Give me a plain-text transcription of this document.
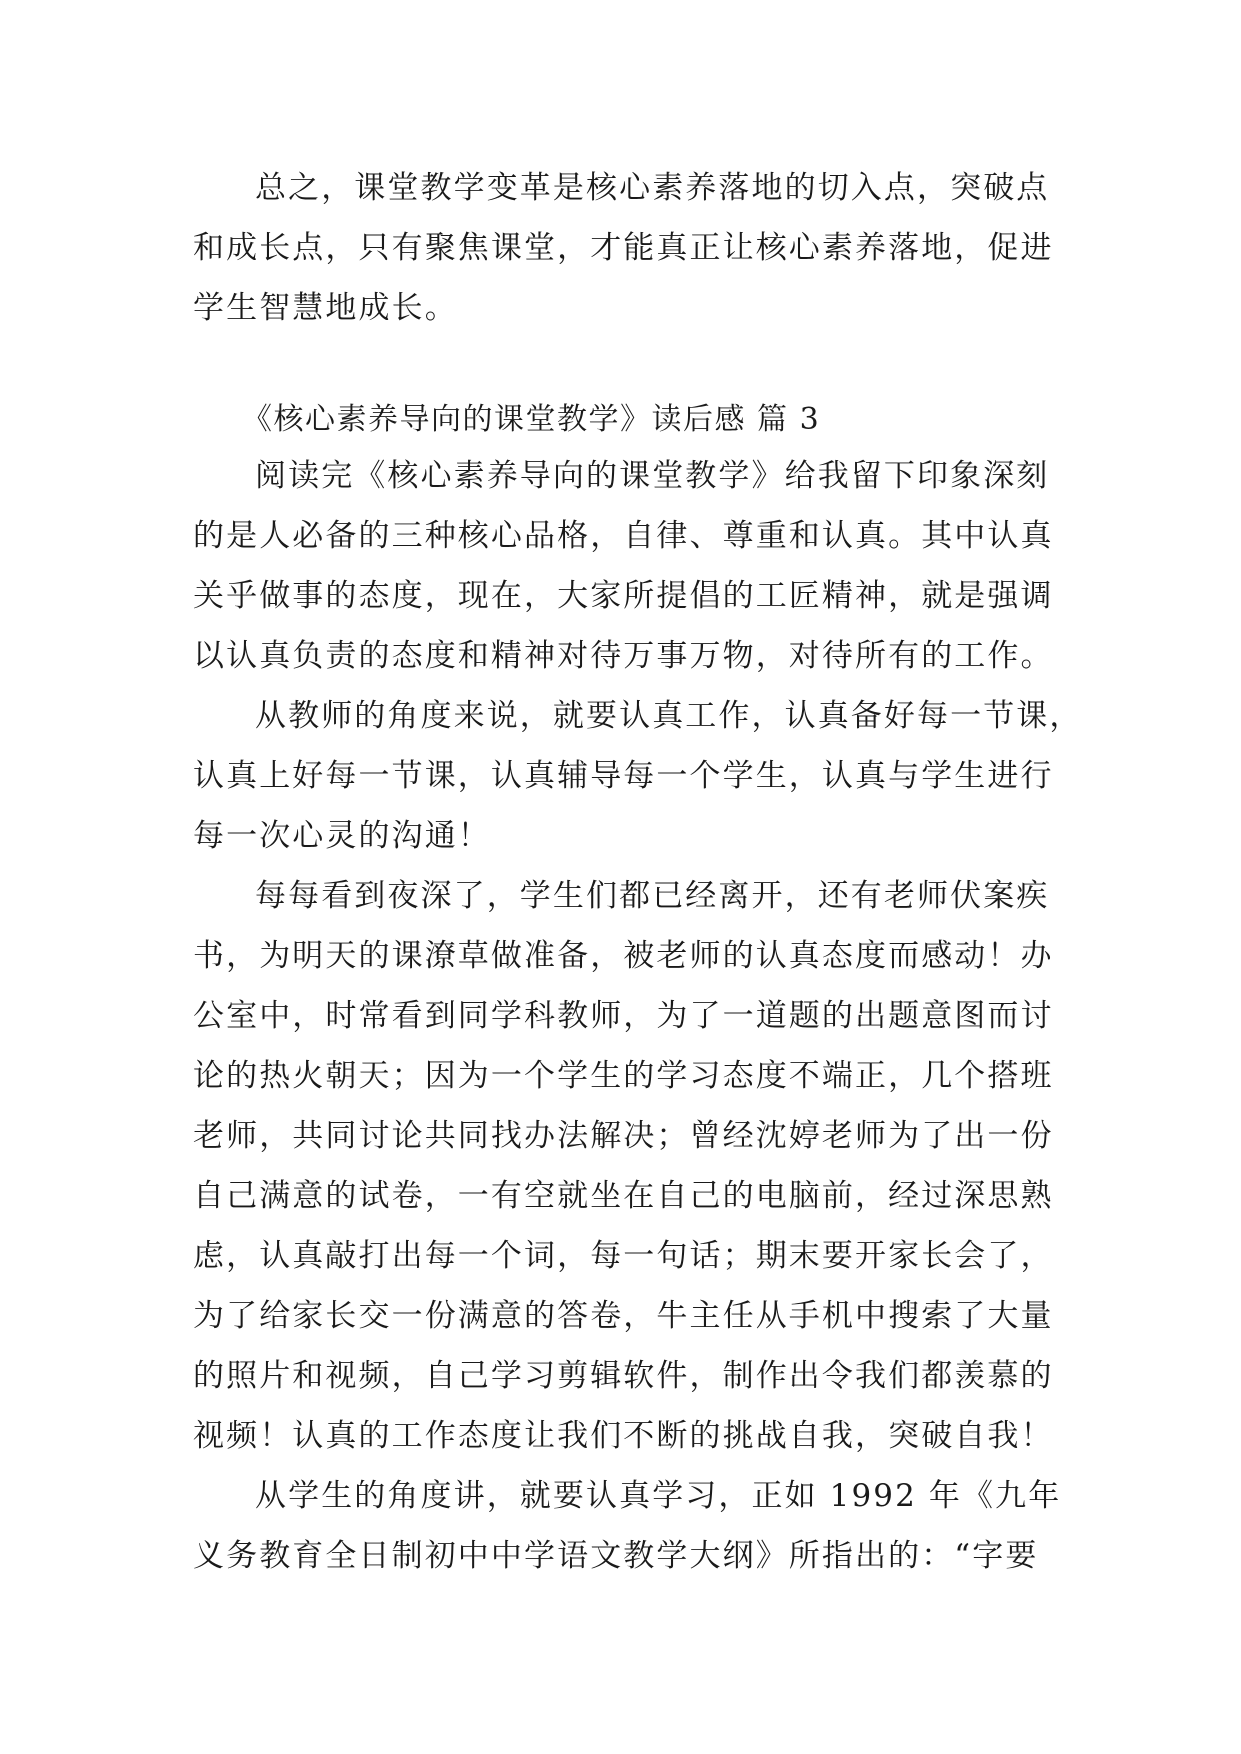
总之，课堂教学变革是核心素养落地的切入点，突破点
和成长点，只有聚焦课堂，才能真正让核心素养落地，促进
学生智慧地成长。
《核心素养导向的课堂教学》读后感 篇 3
阅读完《核心素养导向的课堂教学》给我留下印象深刻
的是人必备的三种核心品格，自律、尊重和认真。其中认真
关乎做事的态度，现在，大家所提倡的工匠精神，就是强调
以认真负责的态度和精神对待万事万物，对待所有的工作。
从教师的角度来说，就要认真工作，认真备好每一节课，
认真上好每一节课，认真辅导每一个学生，认真与学生进行
每一次心灵的沟通！
每每看到夜深了，学生们都已经离开，还有老师伏案疾
书，为明天的课潦草做准备，被老师的认真态度而感动！办
公室中，时常看到同学科教师，为了一道题的出题意图而讨
论的热火朝天；因为一个学生的学习态度不端正，几个搭班
老师，共同讨论共同找办法解决；曾经沈婷老师为了出一份
自己满意的试卷，一有空就坐在自己的电脑前，经过深思熟
虑，认真敲打出每一个词，每一句话；期末要开家长会了，
为了给家长交一份满意的答卷，牛主任从手机中搜索了大量
的照片和视频，自己学习剪辑软件，制作出令我们都羡慕的
视频！认真的工作态度让我们不断的挑战自我，突破自我！
从学生的角度讲，就要认真学习，正如 1992 年《九年
义务教育全日制初中中学语文教学大纲》所指出的：“字要
